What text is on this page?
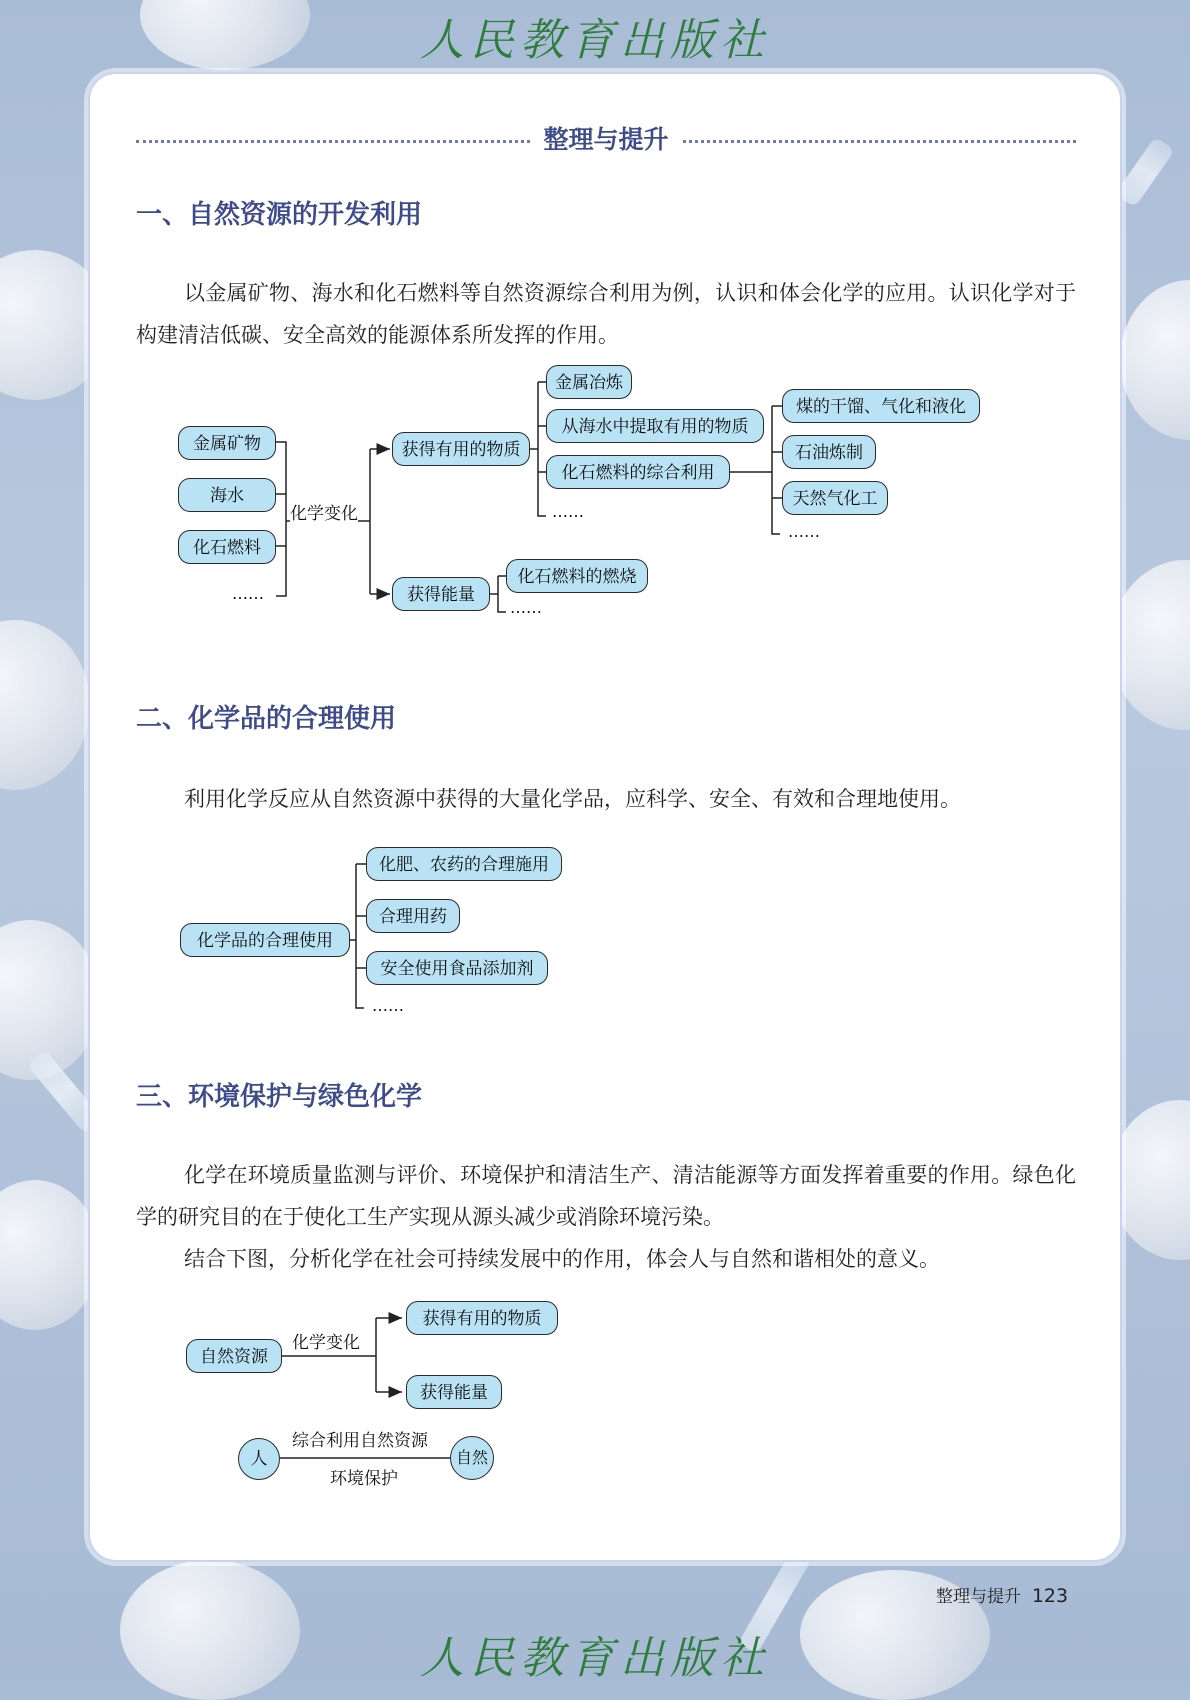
人民教育出版社
人民教育出版社
整理与提升
一、自然资源的开发利用
以金属矿物、海水和化石燃料等自然资源综合利用为例，认识和体会化学的应用。认识化学对于构建清洁低碳、安全高效的能源体系所发挥的作用。
金属矿物
海水
化石燃料
……
化学变化
获得有用的物质
金属冶炼
从海水中提取有用的物质
化石燃料的综合利用
……
煤的干馏、气化和液化
石油炼制
天然气化工
……
获得能量
化石燃料的燃烧
……
二、化学品的合理使用
利用化学反应从自然资源中获得的大量化学品，应科学、安全、有效和合理地使用。
化学品的合理使用
化肥、农药的合理施用
合理用药
安全使用食品添加剂
……
三、环境保护与绿色化学
化学在环境质量监测与评价、环境保护和清洁生产、清洁能源等方面发挥着重要的作用。绿色化学的研究目的在于使化工生产实现从源头减少或消除环境污染。
结合下图，分析化学在社会可持续发展中的作用，体会人与自然和谐相处的意义。
自然资源
化学变化
获得有用的物质
获得能量
人	自然
综合利用自然资源
环境保护
整理与提升 123
